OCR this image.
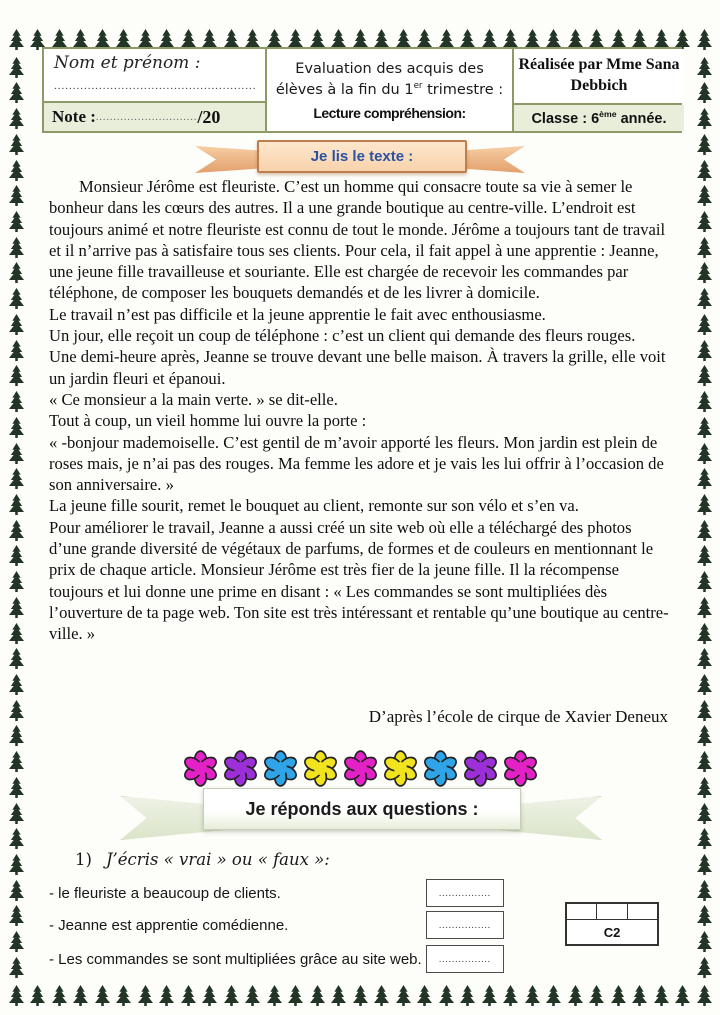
Nom et prénom :
......................................................
Note : ............................. /20
Evaluation des acquis des élèves à la fin du 1er trimestre :
Lecture compréhension:
Réalisée par Mme Sana Debbich
Classe : 6ème année.
Je lis le texte :

Monsieur Jérôme est fleuriste. C’est un homme qui consacre toute sa vie à semer le bonheur dans les cœurs des autres. Il a une grande boutique au centre-ville. L’endroit est toujours animé et notre fleuriste est connu de tout le monde. Jérôme a toujours tant de travail et il n’arrive pas à satisfaire tous ses clients. Pour cela, il fait appel à une apprentie : Jeanne, une jeune fille travailleuse et souriante. Elle est chargée de recevoir les commandes par téléphone, de composer les bouquets demandés et de les livrer à domicile.

Le travail n’est pas difficile et la jeune apprentie le fait avec enthousiasme.

Un jour, elle reçoit un coup de téléphone : c’est un client qui demande des fleurs rouges.

Une demi-heure après, Jeanne se trouve devant une belle maison. À travers la grille, elle voit un jardin fleuri et épanoui.

« Ce monsieur a la main verte. » se dit-elle.

Tout à coup, un vieil homme lui ouvre la porte :

« -bonjour mademoiselle. C’est gentil de m’avoir apporté les fleurs. Mon jardin est plein de roses mais, je n’ai pas des rouges. Ma femme les adore et je vais les lui offrir à l’occasion de son anniversaire. »

La jeune fille sourit, remet le bouquet au client, remonte sur son vélo et s’en va.

Pour améliorer le travail, Jeanne a aussi créé un site web où elle a téléchargé des photos d’une grande diversité de végétaux de parfums, de formes et de couleurs en mentionnant le prix de chaque article. Monsieur Jérôme est très fier de la jeune fille. Il la récompense toujours et lui donne une prime en disant : « Les commandes se sont multipliées dès l’ouverture de ta page web. Ton site est très intéressant et rentable qu’une boutique au centre-ville. »

D’après l’école de cirque de Xavier Deneux
Je réponds aux questions :
1) J’écris « vrai » ou « faux »:
- le fleuriste a beaucoup de clients.	................
- Jeanne est apprentie comédienne.	................
- Les commandes se sont multipliées grâce au site web. ................
C2
